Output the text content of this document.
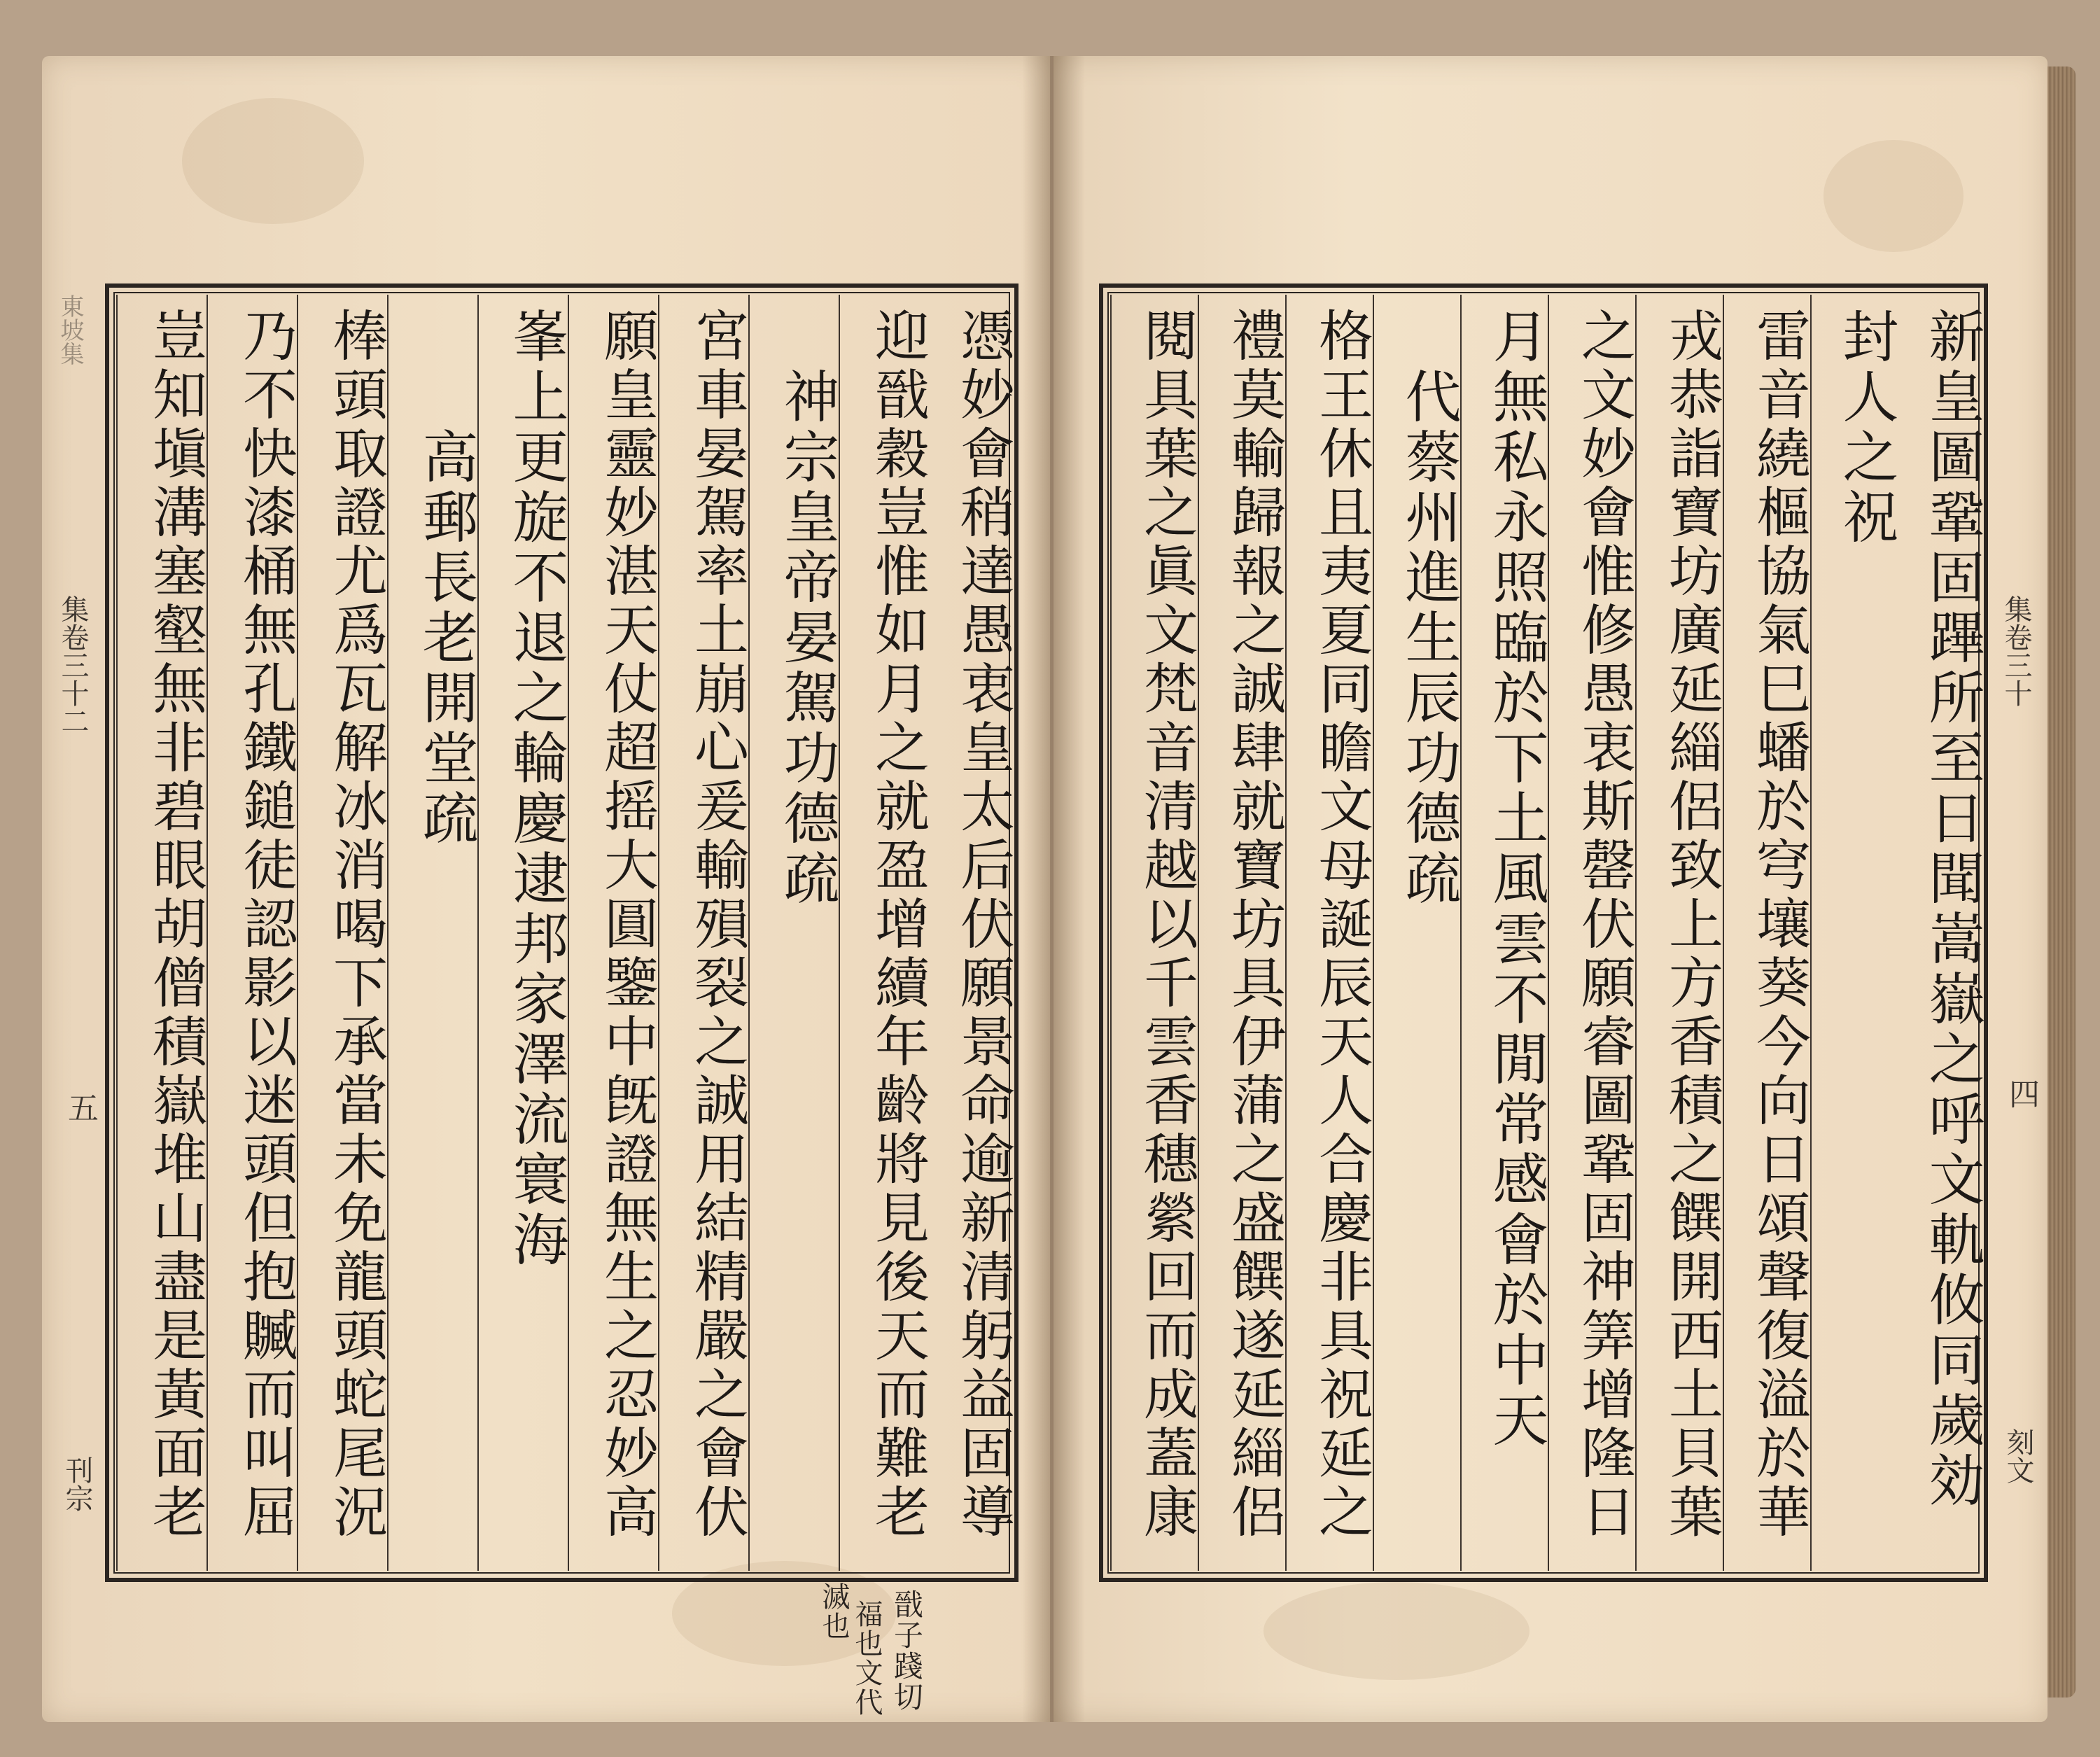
東坡集
集卷三十二
五
刊宗	憑妙會稍達愚衷皇太后伏願景命逾新清躬益固導
迎戩穀豈惟如月之就盈增續年齡將見後天而難老
　神宗皇帝晏駕功德疏
宮車晏駕率土崩心爰輸殞裂之誠用結精嚴之會伏
願皇靈妙湛天仗超摇大圓鑒中旣證無生之忍妙高
峯上更旋不退之輪慶逮邦家澤流寰海
　　高郵長老開堂疏
棒頭取證尤爲瓦解冰消喝下承當未免龍頭蛇尾況
乃不快漆桶無孔鐵鎚徒認影以迷頭但抱贓而叫屈
豈知塡溝塞壑無非碧眼胡僧積嶽堆山盡是黃面老
戩子踐切
福也文代
滅也
新皇圖鞏固蹕所至日聞嵩嶽之呼文軌攸同歲効
封人之祝
雷音繞樞協氣巳蟠於穹壤葵今向日頌聲復溢於華
戎恭詣寶坊廣延緇侶致上方香積之饌開西土貝葉
之文妙會惟修愚衷斯罄伏願睿圖鞏固神筭增隆日
月無私永照臨於下土風雲不閒常感會於中天
　代蔡州進生辰功德疏
格王休且夷夏同瞻文母誕辰天人合慶非具祝延之
禮莫輸歸報之誠肆就寶坊具伊蒲之盛饌遂延緇侶
閱具葉之眞文梵音清越以千雲香穗縈回而成蓋康	集卷三十
四
刻文
